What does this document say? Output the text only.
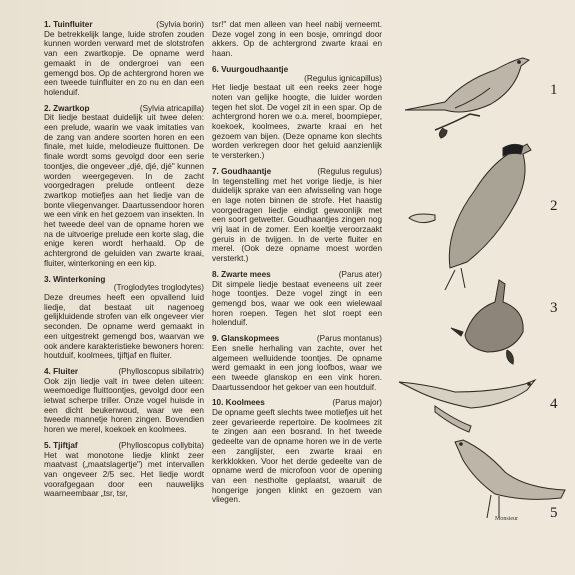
1. Tuinfluiter	(Sylvia borin)
De betrekkelijk lange, luide strofen zouden kunnen worden verward met de slotstrofen van een zwartkopje. De opname werd gemaakt in de ondergroei van een gemengd bos. Op de achtergrond horen we een tweede tuinfluiter en zo nu en dan een holenduif.
2. Zwartkop	(Sylvia atricapilla)
Dit liedje bestaat duidelijk uit twee delen: een prelude, waarin we vaak imitaties van de zang van andere soorten horen en een finale, met luide, melodieuze fluittonen. De finale wordt soms gevolgd door een serie toontjes, die ongeveer „djé, djé, djé" kunnen worden weergegeven. In de zacht voorgedragen prelude ontleent deze zwartkop motiefjes aan het liedje van de bonte vliegenvanger. Daartussendoor horen we een vink en het gezoem van insekten. In het tweede deel van de opname horen we na de uitvoerige prelude een korte slag, die enige keren wordt herhaald. Op de achtergrond de geluiden van zwarte kraai, fluiter, winterkoning en een kip.
3. Winterkoning
(Troglodytes troglodytes)
Deze dreumes heeft een opvallend luid liedje, dat bestaat uit nagenoeg gelijkluidende strofen van elk ongeveer vier seconden. De opname werd gemaakt in een uitgestrekt gemengd bos, waarvan we ook andere karakteristieke bewoners horen: houtduif, koolmees, tjiftjaf en fluiter.
4. Fluiter	(Phylloscopus sibilatrix)
Ook zijn liedje valt in twee delen uiteen: weemoedige fluittoontjes, gevolgd door een ietwat scherpe triller. Onze vogel huisde in een dicht beukenwoud, waar we een tweede mannetje horen zingen. Bovendien horen we merel, koekoek en koolmees.
5. Tjiftjaf	(Phylloscopus collybita)
Het wat monotone liedje klinkt zeer maatvast („maatslagertje") met intervallen van ongeveer 2/5 sec. Het liedje wordt voorafgegaan door een nauwelijks waarneembaar „tsr, tsr,
tsr!" dat men alleen van heel nabij verneemt. Deze vogel zong in een bosje, omringd door akkers. Op de achtergrond zwarte kraai en haan.
6. Vuurgoudhaantje
(Regulus ignicapillus)
Het liedje bestaat uit een reeks zeer hoge noten van gelijke hoogte, die luider worden tegen het slot. De vogel zit in een spar. Op de achtergrond horen we o.a. merel, boompieper, koekoek, koolmees, zwarte kraai en het gezoem van bijen. (Deze opname kon slechts worden verkregen door het geluid aanzienlijk te versterken.)
7. Goudhaantje	(Regulus regulus)
In tegenstelling met het vorige liedje, is hier duidelijk sprake van een afwisseling van hoge en lage noten binnen de strofe. Het haastig voorgedragen liedje eindigt gewoonlijk met een soort getwetter. Goudhaantjes zingen nog vrij laat in de zomer. Een koeltje veroorzaakt geruis in de twijgen. In de verte fluiter en merel. (Ook deze opname moest worden versterkt.)
8. Zwarte mees	(Parus ater)
Dit simpele liedje bestaat eveneens uit zeer hoge toontjes. Deze vogel zingt in een gemengd bos, waar we ook een wielewaal horen roepen. Tegen het slot roept een holenduif.
9. Glanskopmees	(Parus montanus)
Een snelle herhaling van zachte, over het algemeen welluidende toontjes. De opname werd gemaakt in een jong loofbos, waar we een tweede glanskop en een vink horen. Daartussendoor het gekoer van een houtduif.
10. Koolmees	(Parus major)
De opname geeft slechts twee motiefjes uit het zeer gevarieerde repertoire. De koolmees zit te zingen aan een bosrand. In het tweede gedeelte van de opname horen we in de verte een zanglijster, een zwarte kraai en kerkklokken. Voor het derde gedeelte van de opname werd de microfoon voor de opening van een nestholte geplaatst, waaruit de hongerige jongen klinkt en gezoem van vliegen.
Monsieur
1
2
3
4
5
